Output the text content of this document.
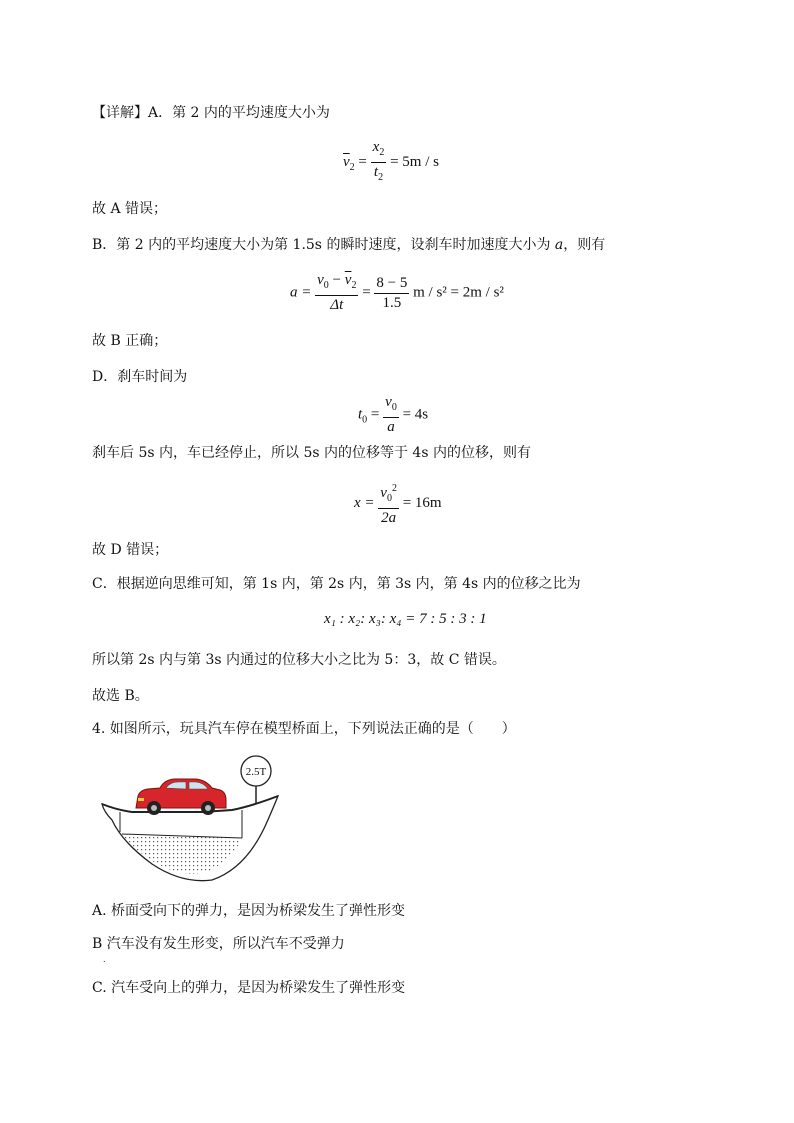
【详解】A．第 2 内的平均速度大小为
$\overline{v}_2 = \frac{x_2}{t_2} = 5m / s$
故 A 错误；
B．第 2 内的平均速度大小为第 1.5s 的瞬时速度，设刹车时加速度大小为 a，则有
$a = \frac{v_0 - \overline{v}_2}{\Delta t} = \frac{8 - 5}{1.5}$ m / s² = 2m / s²
故 B 正确；
D．刹车时间为
$t_0 = \frac{v_0}{a} = 4s$
刹车后 5s 内，车已经停止，所以 5s 内的位移等于 4s 内的位移，则有
$x = \frac{v_0^2}{2a} = 16m$
故 D 错误；
C．根据逆向思维可知，第 1s 内，第 2s 内，第 3s 内，第 4s 内的位移之比为
x₁ : x₂: x₃: x₄ = 7 : 5 : 3 : 1
所以第 2s 内与第 3s 内通过的位移大小之比为 5：3，故 C 错误。
故选 B。
4. 如图所示，玩具汽车停在模型桥面上，下列说法正确的是（　　）
2.5T
A. 桥面受向下的弹力，是因为桥梁发生了弹性形变
B 汽车没有发生形变，所以汽车不受弹力
.
C. 汽车受向上的弹力，是因为桥梁发生了弹性形变
